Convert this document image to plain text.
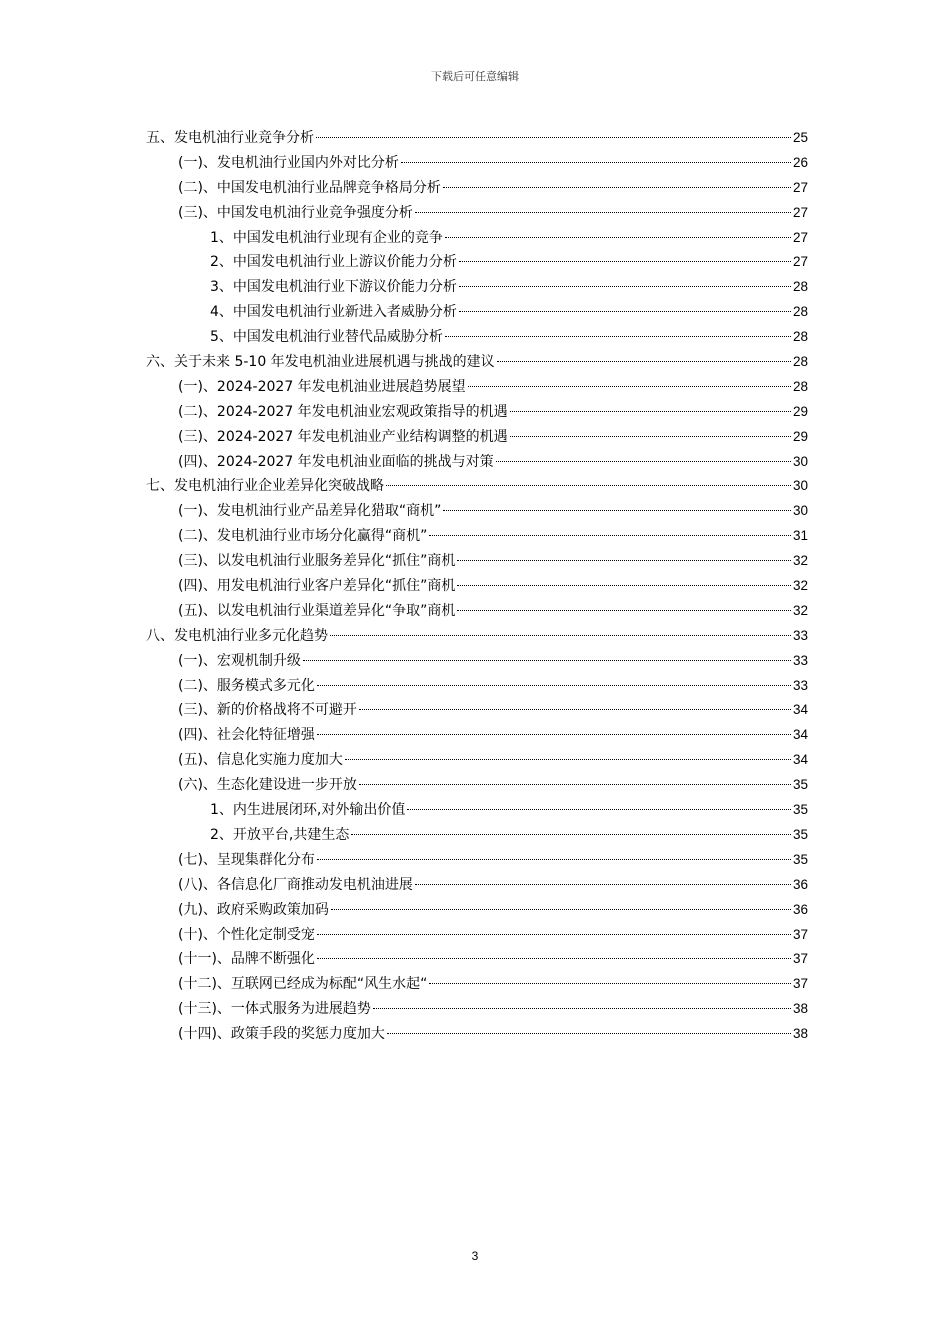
下载后可任意编辑
五、发电机油行业竞争分析	25
(一)、发电机油行业国内外对比分析	26
(二)、中国发电机油行业品牌竞争格局分析	27
(三)、中国发电机油行业竞争强度分析	27
1、中国发电机油行业现有企业的竞争	27
2、中国发电机油行业上游议价能力分析	27
3、中国发电机油行业下游议价能力分析	28
4、中国发电机油行业新进入者威胁分析	28
5、中国发电机油行业替代品威胁分析	28
六、关于未来 5-10 年发电机油业进展机遇与挑战的建议	28
(一)、2024-2027 年发电机油业进展趋势展望	28
(二)、2024-2027 年发电机油业宏观政策指导的机遇	29
(三)、2024-2027 年发电机油业产业结构调整的机遇	29
(四)、2024-2027 年发电机油业面临的挑战与对策	30
七、发电机油行业企业差异化突破战略	30
(一)、发电机油行业产品差异化猎取“商机”	30
(二)、发电机油行业市场分化赢得“商机”	31
(三)、以发电机油行业服务差异化“抓住”商机	32
(四)、用发电机油行业客户差异化“抓住”商机	32
(五)、以发电机油行业渠道差异化“争取”商机	32
八、发电机油行业多元化趋势	33
(一)、宏观机制升级	33
(二)、服务模式多元化	33
(三)、新的价格战将不可避开	34
(四)、社会化特征增强	34
(五)、信息化实施力度加大	34
(六)、生态化建设进一步开放	35
1、内生进展闭环,对外输出价值	35
2、开放平台,共建生态	35
(七)、呈现集群化分布	35
(八)、各信息化厂商推动发电机油进展	36
(九)、政府采购政策加码	36
(十)、个性化定制受宠	37
(十一)、品牌不断强化	37
(十二)、互联网已经成为标配“风生水起“	37
(十三)、一体式服务为进展趋势	38
(十四)、政策手段的奖惩力度加大	38
3
